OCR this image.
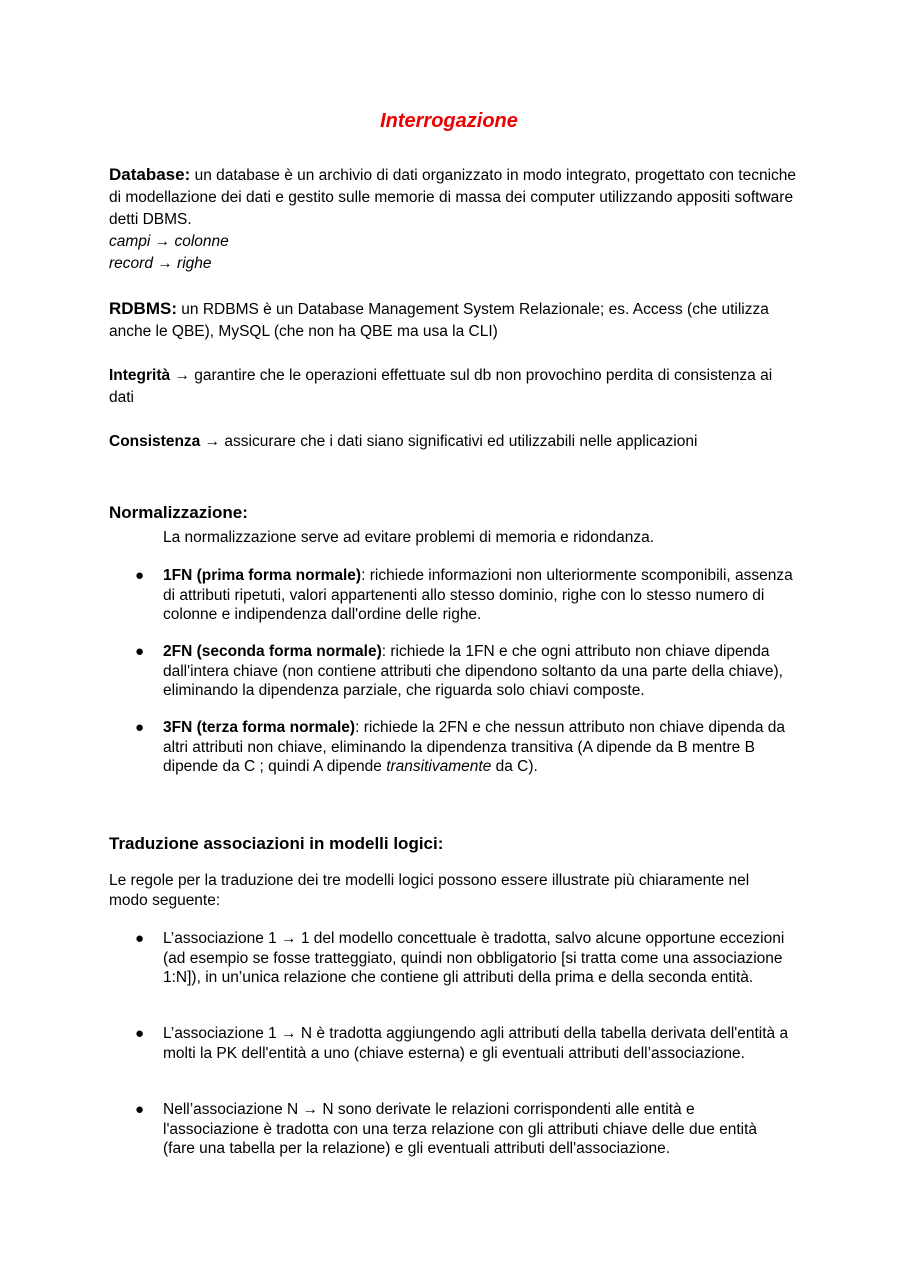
Interrogazione
Database: un database è un archivio di dati organizzato in modo integrato, progettato con tecniche di modellazione dei dati e gestito sulle memorie di massa dei computer utilizzando appositi software detti DBMS.
campi → colonne
record → righe
RDBMS: un RDBMS è un Database Management System Relazionale; es. Access (che utilizza anche le QBE), MySQL (che non ha QBE ma usa la CLI)
Integrità → garantire che le operazioni effettuate sul db non provochino perdita di consistenza ai dati
Consistenza → assicurare che i dati siano significativi ed utilizzabili nelle applicazioni
Normalizzazione:
La normalizzazione serve ad evitare problemi di memoria e ridondanza.
●	1FN (prima forma normale): richiede informazioni non ulteriormente scomponibili, assenza di attributi ripetuti, valori appartenenti allo stesso dominio, righe con lo stesso numero di colonne e indipendenza dall'ordine delle righe.
●	2FN (seconda forma normale): richiede la 1FN e che ogni attributo non chiave dipenda dall'intera chiave (non contiene attributi che dipendono soltanto da una parte della chiave), eliminando la dipendenza parziale, che riguarda solo chiavi composte.
●	3FN (terza forma normale): richiede la 2FN e che nessun attributo non chiave dipenda da altri attributi non chiave, eliminando la dipendenza transitiva (A dipende da B mentre B dipende da C ; quindi A dipende transitivamente da C).
Traduzione associazioni in modelli logici:
Le regole per la traduzione dei tre modelli logici possono essere illustrate più chiaramente nel modo seguente:
●	L’associazione 1 → 1 del modello concettuale è tradotta, salvo alcune opportune eccezioni (ad esempio se fosse tratteggiato, quindi non obbligatorio [si tratta come una associazione 1:N]), in un’unica relazione che contiene gli attributi della prima e della seconda entità.
●	L’associazione 1 → N è tradotta aggiungendo agli attributi della tabella derivata dell'entità a molti la PK dell'entità a uno (chiave esterna) e gli eventuali attributi dell’associazione.
●	Nell’associazione N → N sono derivate le relazioni corrispondenti alle entità e l'associazione è tradotta con una terza relazione con gli attributi chiave delle due entità (fare una tabella per la relazione) e gli eventuali attributi dell'associazione.
